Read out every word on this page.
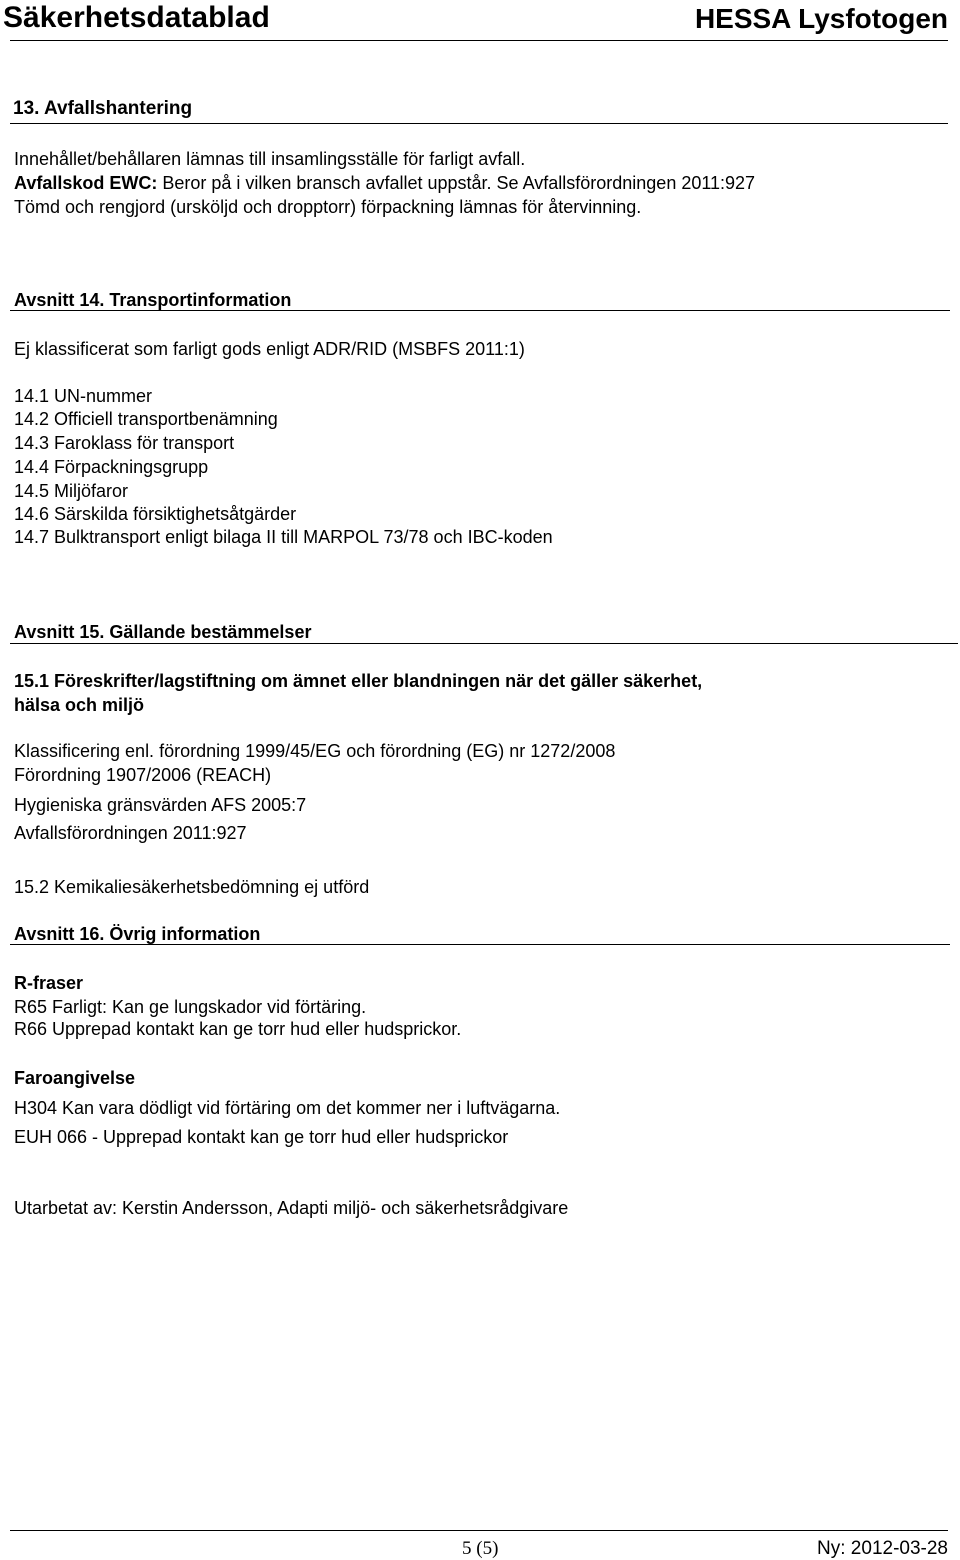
Säkerhetsdatablad	HESSA Lysfotogen
13. Avfallshantering
Innehållet/behållaren lämnas till insamlingsställe för farligt avfall.
Avfallskod EWC: Beror på i vilken bransch avfallet uppstår. Se Avfallsförordningen 2011:927
Tömd och rengjord (ursköljd och dropptorr) förpackning lämnas för återvinning.
Avsnitt 14. Transportinformation
Ej klassificerat som farligt gods enligt ADR/RID (MSBFS 2011:1)
14.1 UN-nummer
14.2 Officiell transportbenämning
14.3 Faroklass för transport
14.4 Förpackningsgrupp
14.5 Miljöfaror
14.6 Särskilda försiktighetsåtgärder
14.7 Bulktransport enligt bilaga II till MARPOL 73/78 och IBC-koden
Avsnitt 15. Gällande bestämmelser
15.1 Föreskrifter/lagstiftning om ämnet eller blandningen när det gäller säkerhet,
hälsa och miljö
Klassificering enl. förordning 1999/45/EG och förordning (EG) nr 1272/2008
Förordning 1907/2006 (REACH)
Hygieniska gränsvärden AFS 2005:7
Avfallsförordningen 2011:927
15.2 Kemikaliesäkerhetsbedömning ej utförd
Avsnitt 16. Övrig information
R-fraser
R65 Farligt: Kan ge lungskador vid förtäring.
R66 Upprepad kontakt kan ge torr hud eller hudsprickor.
Faroangivelse
H304 Kan vara dödligt vid förtäring om det kommer ner i luftvägarna.
EUH 066 - Upprepad kontakt kan ge torr hud eller hudsprickor
Utarbetat av: Kerstin Andersson, Adapti miljö- och säkerhetsrådgivare
5 (5)	Ny: 2012-03-28
